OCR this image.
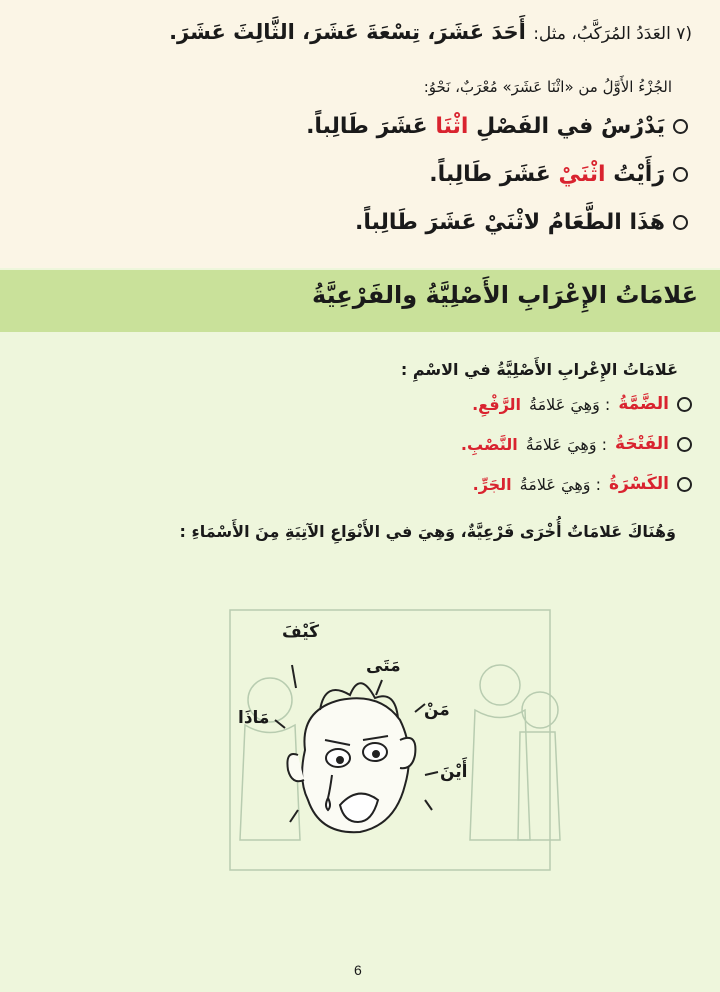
(٧ العَدَدُ المُرَكَّبُ، مثل: أَحَدَ عَشَرَ، تِسْعَةَ عَشَرَ، الثَّالِثَ عَشَرَ.
الجُزْءُ الأَوَّلُ من «اثْنَا عَشَرَ» مُعْرَبٌ، نَحْوُ:
يَدْرُسُ في الفَصْلِ اثْنَا عَشَرَ طَالِباً.
رَأَيْتُ اثْنَيْ عَشَرَ طَالِباً.
هَذَا الطَّعَامُ لاثْنَيْ عَشَرَ طَالِباً.
عَلامَاتُ الإِعْرَابِ الأَصْلِيَّةُ والفَرْعِيَّةُ
عَلامَاتُ الإِعْرابِ الأَصْلِيَّةُ في الاسْمِ :
الضَّمَّةُ
: وَهِيَ عَلامَةُ
الرَّفْعِ.
الفَتْحَةُ
: وَهِيَ عَلامَةُ
النَّصْبِ.
الكَسْرَةُ
: وَهِيَ عَلامَةُ
الجَرِّ.
وَهُنَاكَ عَلامَاتٌ أُخْرَى فَرْعِيَّةٌ، وَهِيَ في الأَنْوَاعِ الآتِيَةِ مِنَ الأَسْمَاءِ :
كَيْفَ
مَتَى
مَنْ
أَيْنَ
مَاذَا
6
